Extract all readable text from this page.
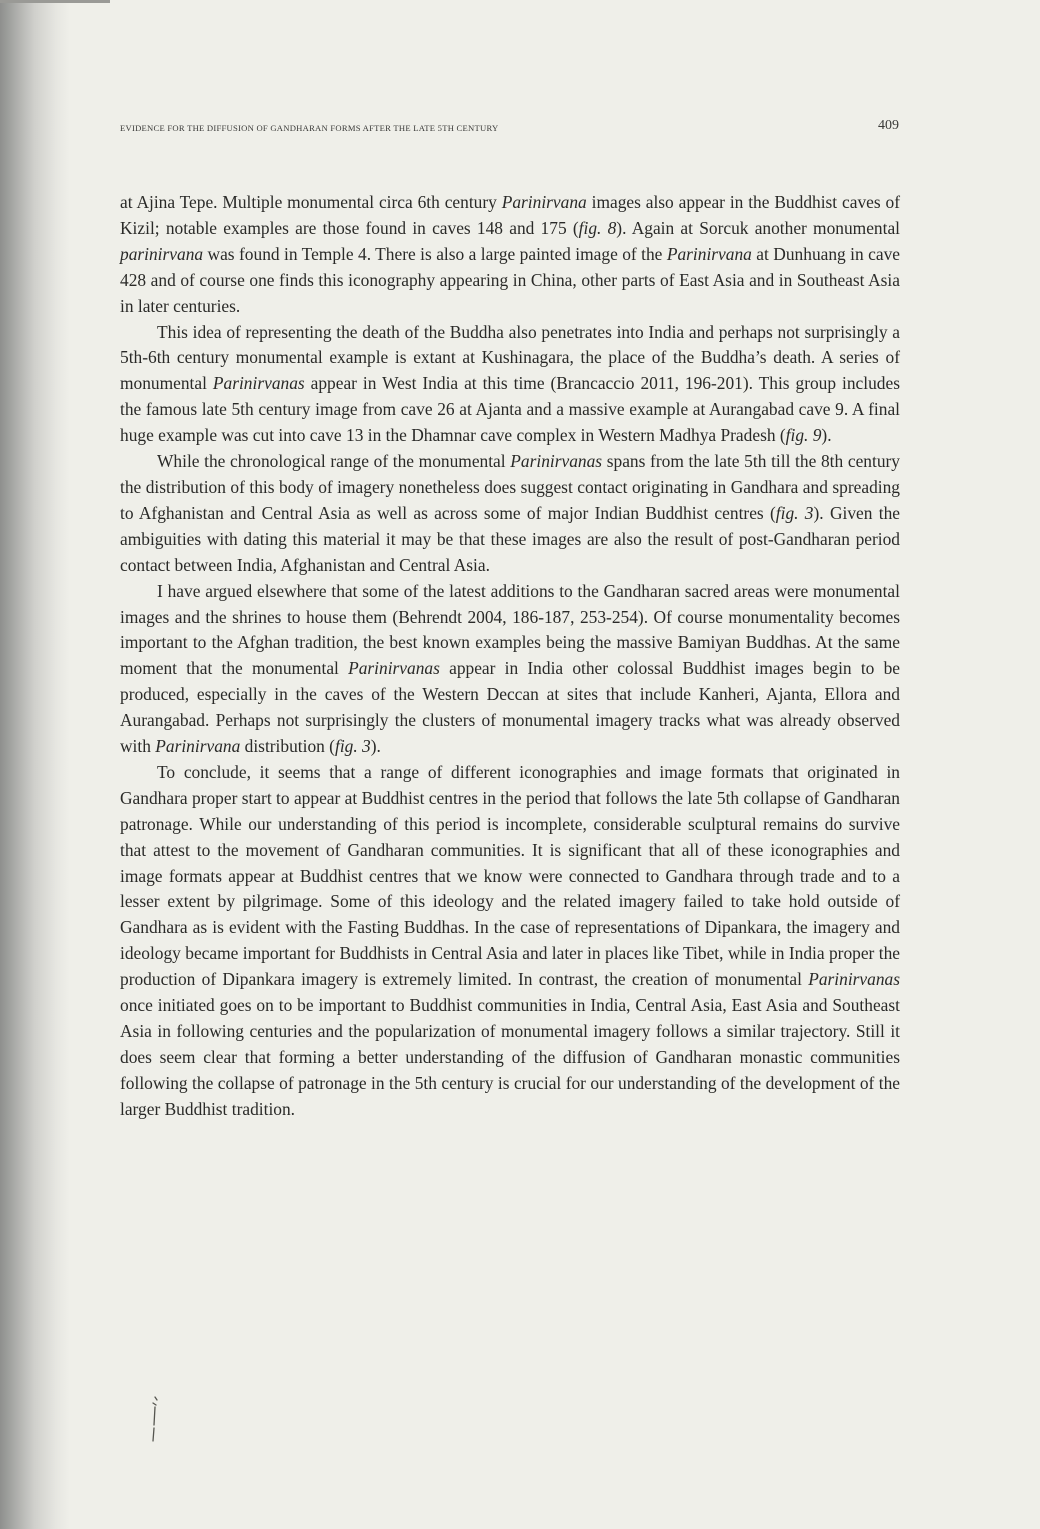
EVIDENCE FOR THE DIFFUSION OF GANDHARAN FORMS AFTER THE LATE 5TH CENTURY	409

at Ajina Tepe. Multiple monumental circa 6th century Parinirvana images also appear in the Buddhist caves of Kizil; notable examples are those found in caves 148 and 175 (fig. 8). Again at Sorcuk another monumental parinirvana was found in Temple 4. There is also a large painted image of the Parinirvana at Dunhuang in cave 428 and of course one finds this iconography appearing in China, other parts of East Asia and in Southeast Asia in later centuries.

This idea of representing the death of the Buddha also penetrates into India and perhaps not surprisingly a 5th-6th century monumental example is extant at Kushinagara, the place of the Buddha’s death. A series of monumental Parinirvanas appear in West India at this time (Brancaccio 2011, 196-201). This group includes the famous late 5th century image from cave 26 at Ajanta and a massive example at Aurangabad cave 9. A final huge example was cut into cave 13 in the Dhamnar cave complex in Western Madhya Pradesh (fig. 9).

While the chronological range of the monumental Parinirvanas spans from the late 5th till the 8th century the distribution of this body of imagery nonetheless does suggest contact originating in Gandhara and spreading to Afghanistan and Central Asia as well as across some of major Indian Buddhist centres (fig. 3). Given the ambiguities with dating this material it may be that these images are also the result of post-Gandharan period contact between India, Afghanistan and Central Asia.

I have argued elsewhere that some of the latest additions to the Gandharan sacred areas were monumental images and the shrines to house them (Behrendt 2004, 186-187, 253-254). Of course monumentality becomes important to the Afghan tradition, the best known examples being the massive Bamiyan Buddhas. At the same moment that the monumental Parinirvanas appear in India other colossal Buddhist images begin to be produced, especially in the caves of the Western Deccan at sites that include Kanheri, Ajanta, Ellora and Aurangabad. Perhaps not surprisingly the clusters of monumental imagery tracks what was already observed with Parinirvana distribution (fig. 3).

To conclude, it seems that a range of different iconographies and image formats that originated in Gandhara proper start to appear at Buddhist centres in the period that follows the late 5th collapse of Gandharan patronage. While our understanding of this period is incomplete, considerable sculptural remains do survive that attest to the movement of Gandharan communities. It is significant that all of these iconographies and image formats appear at Buddhist centres that we know were connected to Gandhara through trade and to a lesser extent by pilgrimage. Some of this ideology and the related imagery failed to take hold outside of Gandhara as is evident with the Fasting Buddhas. In the case of representations of Dipankara, the imagery and ideology became important for Buddhists in Central Asia and later in places like Tibet, while in India proper the production of Dipankara imagery is extremely limited. In contrast, the creation of monumental Parinirvanas once initiated goes on to be important to Buddhist communities in India, Central Asia, East Asia and Southeast Asia in following centuries and the popularization of monumental imagery follows a similar trajectory. Still it does seem clear that forming a better understanding of the diffusion of Gandharan monastic communities following the collapse of patronage in the 5th century is crucial for our understanding of the development of the larger Buddhist tradition.
